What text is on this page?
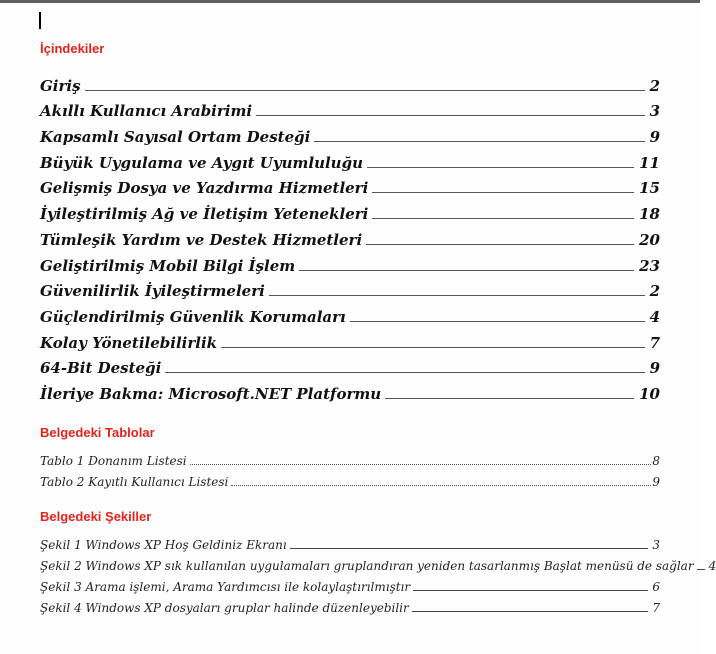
İçindekiler
Giriş	2
Akıllı Kullanıcı Arabirimi	3
Kapsamlı Sayısal Ortam Desteği	9
Büyük Uygulama ve Aygıt Uyumluluğu	11
Gelişmiş Dosya ve Yazdırma Hizmetleri	15
İyileştirilmiş Ağ ve İletişim Yetenekleri	18
Tümleşik Yardım ve Destek Hizmetleri	20
Geliştirilmiş Mobil Bilgi İşlem	23
Güvenilirlik İyileştirmeleri	2
Güçlendirilmiş Güvenlik Korumaları	4
Kolay Yönetilebilirlik	7
64-Bit Desteği	9
İleriye Bakma: Microsoft.NET Platformu	10
Belgedeki Tablolar
Tablo 1 Donanım Listesi	8
Tablo 2 Kayıtlı Kullanıcı Listesi	9
Belgedeki Şekiller
Şekil 1 Windows XP Hoş Geldiniz Ekranı	3
Şekil 2 Windows XP sık kullanılan uygulamaları gruplandıran yeniden tasarlanmış Başlat menüsü de sağlar 4
Şekil 3 Arama işlemi, Arama Yardımcısı ile kolaylaştırılmıştır	6
Şekil 4 Windows XP dosyaları gruplar halinde düzenleyebilir	7
